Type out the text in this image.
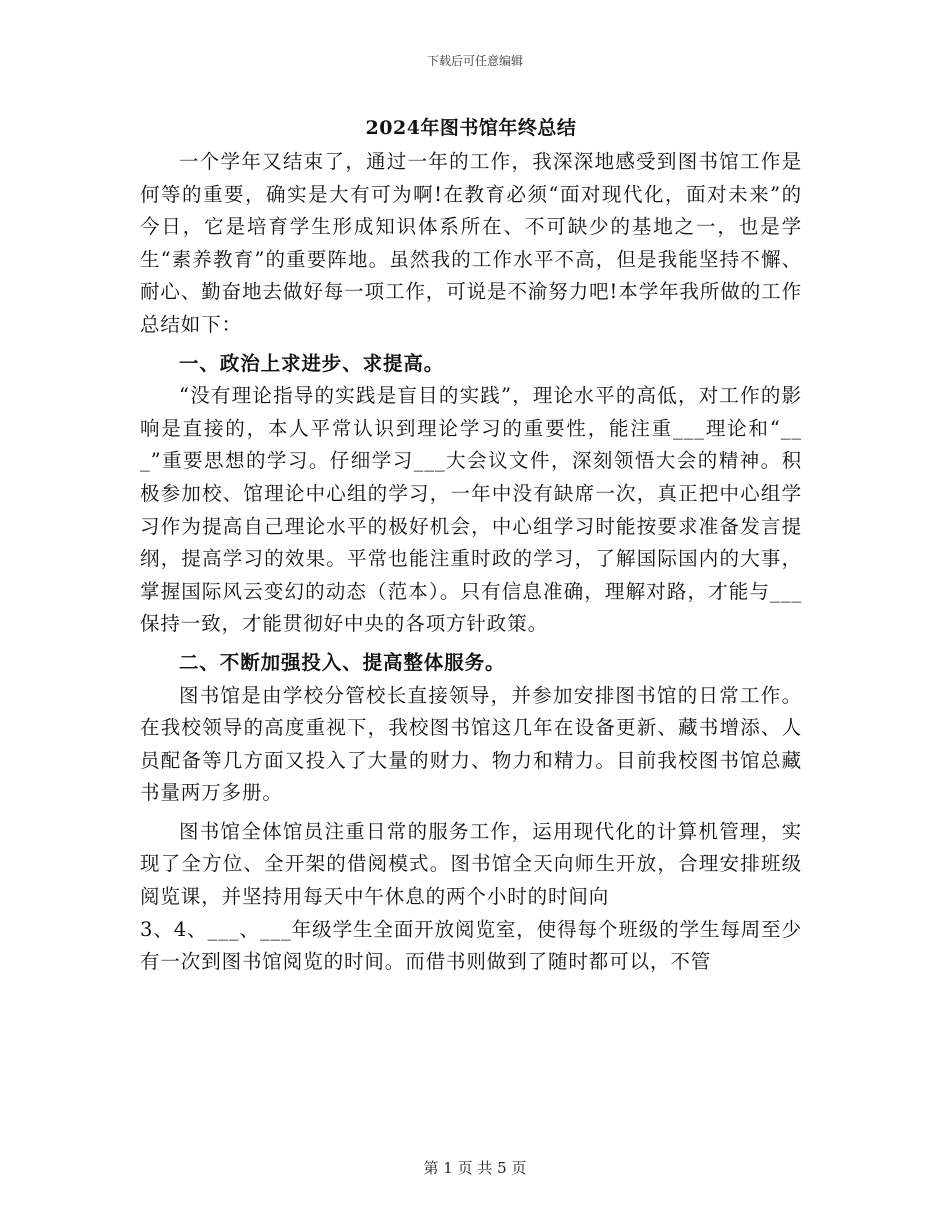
下载后可任意编辑
2024年图书馆年终总结

一个学年又结束了，通过一年的工作，我深深地感受到图书馆工作是何等的重要，确实是大有可为啊!在教育必须“面对现代化，面对未来”的今日，它是培育学生形成知识体系所在、不可缺少的基地之一，也是学生“素养教育”的重要阵地。虽然我的工作水平不高，但是我能坚持不懈、耐心、勤奋地去做好每一项工作，可说是不渝努力吧!本学年我所做的工作总结如下：

一、政治上求进步、求提高。

“没有理论指导的实践是盲目的实践”，理论水平的高低，对工作的影响是直接的，本人平常认识到理论学习的重要性，能注重___理论和“___”重要思想的学习。仔细学习___大会议文件，深刻领悟大会的精神。积极参加校、馆理论中心组的学习，一年中没有缺席一次，真正把中心组学习作为提高自己理论水平的极好机会，中心组学习时能按要求准备发言提纲，提高学习的效果。平常也能注重时政的学习，了解国际国内的大事，掌握国际风云变幻的动态（范本）。只有信息准确，理解对路，才能与___保持一致，才能贯彻好中央的各项方针政策。

二、不断加强投入、提高整体服务。

图书馆是由学校分管校长直接领导，并参加安排图书馆的日常工作。在我校领导的高度重视下，我校图书馆这几年在设备更新、藏书增添、人员配备等几方面又投入了大量的财力、物力和精力。目前我校图书馆总藏书量两万多册。

图书馆全体馆员注重日常的服务工作，运用现代化的计算机管理，实现了全方位、全开架的借阅模式。图书馆全天向师生开放，合理安排班级阅览课，并坚持用每天中午休息的两个小时的时间向

3、4、___、___年级学生全面开放阅览室，使得每个班级的学生每周至少有一次到图书馆阅览的时间。而借书则做到了随时都可以，不管

第 1 页 共 5 页
